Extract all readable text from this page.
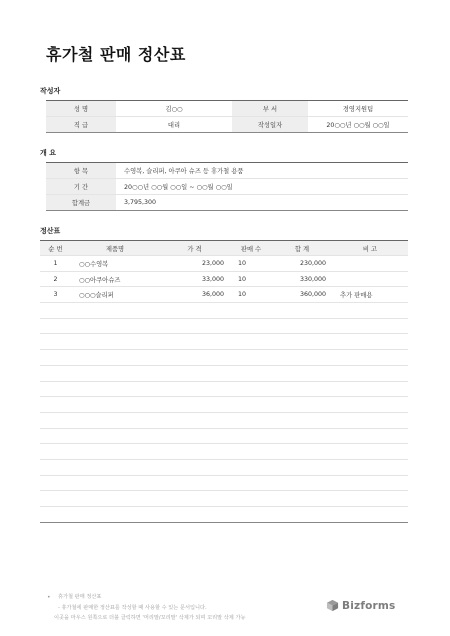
휴가철 판매 정산표
작성자
성 명	김○○	부 서	경영지원팀
직 급	대리	작성일자	20○○년 ○○월 ○○일
개 요
항 목	수영복, 슬리퍼, 아쿠아 슈즈 등 휴가철 용품
기 간	20○○년 ○○월 ○○일 ~ ○○월 ○○일
합계금	3,795,300
정산표
순 번	제품명	가 격	판매 수	합 계	비 고
1	○○수영복	23,000	10	230,000	
2	○○아쿠아슈즈	33,000	10	330,000	
3	○○○슬리퍼	36,000	10	360,000	추가 판매용

• 휴가철 판매 정산표
- 휴가철에 판매한 정산표를 작성할 때 사용할 수 있는 문서입니다.
이곳을 마우스 원쪽으로 더블 클릭하면 '머리말/꼬리말' 삭제가 되며 꼬리말 삭제 가능
Bizforms
